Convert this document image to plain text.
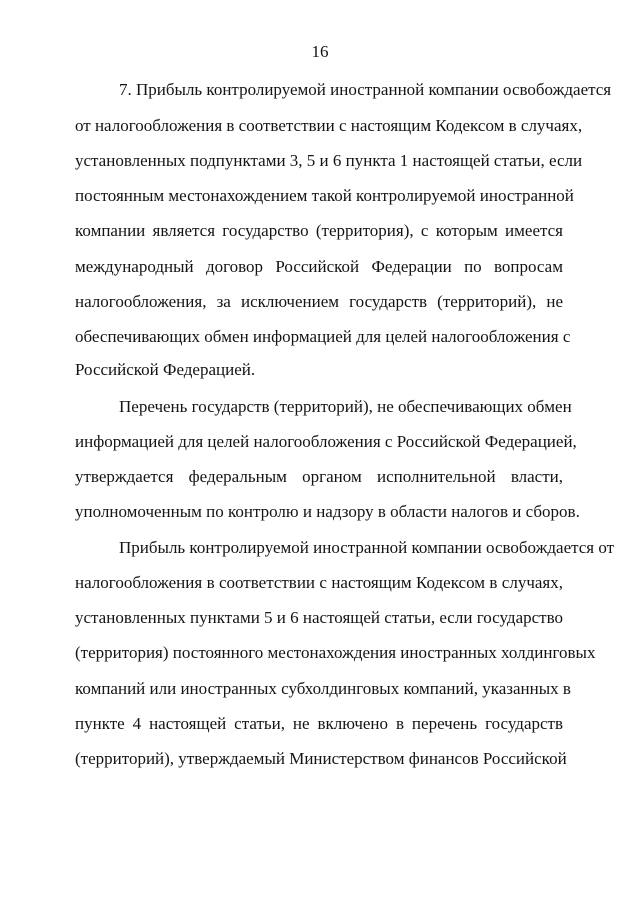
16
7. Прибыль контролируемой иностранной компании освобождается
от налогообложения в соответствии с настоящим Кодексом в случаях,
установленных подпунктами 3, 5 и 6 пункта 1 настоящей статьи, если
постоянным местонахождением такой контролируемой иностранной
компании является государство (территория), с которым имеется
международный договор Российской Федерации по вопросам
налогообложения, за исключением государств (территорий), не
обеспечивающих обмен информацией для целей налогообложения с
Российской Федерацией.
Перечень государств (территорий), не обеспечивающих обмен
информацией для целей налогообложения с Российской Федерацией,
утверждается федеральным органом исполнительной власти,
уполномоченным по контролю и надзору в области налогов и сборов.
Прибыль контролируемой иностранной компании освобождается от
налогообложения в соответствии с настоящим Кодексом в случаях,
установленных пунктами 5 и 6 настоящей статьи, если государство
(территория) постоянного местонахождения иностранных холдинговых
компаний или иностранных субхолдинговых компаний, указанных в
пункте 4 настоящей статьи, не включено в перечень государств
(территорий), утверждаемый Министерством финансов Российской
